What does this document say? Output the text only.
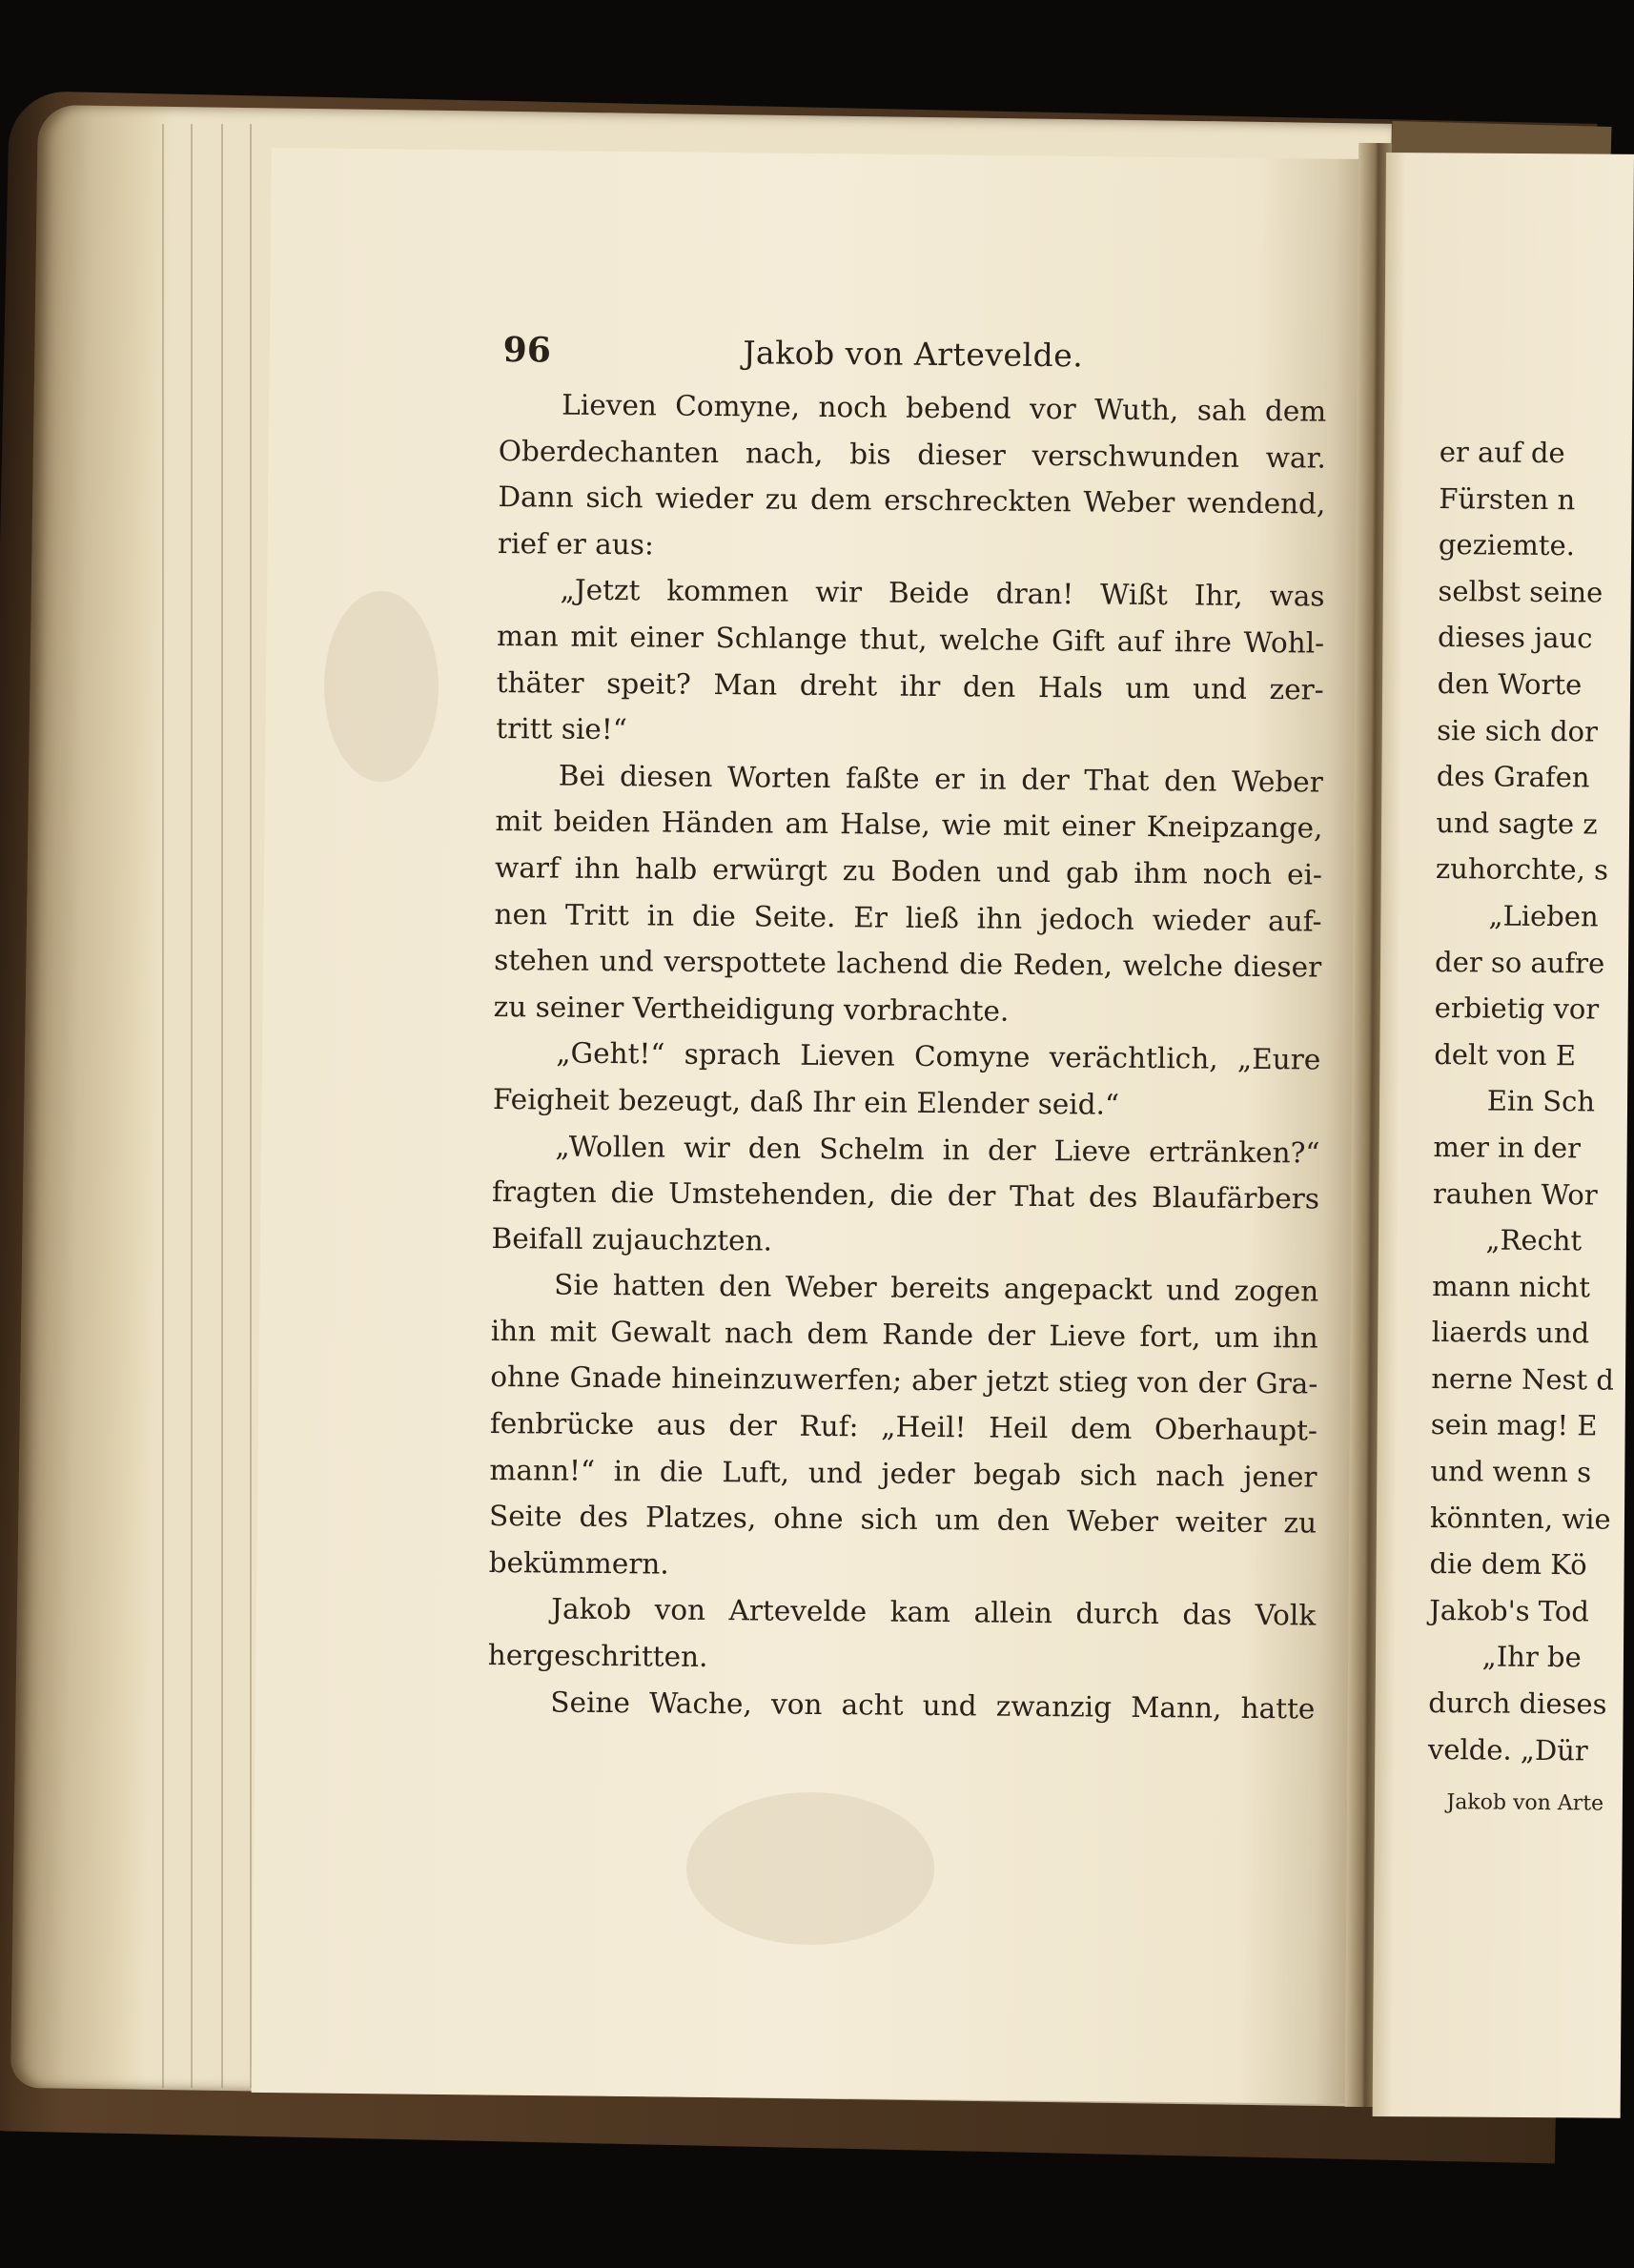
96	Jakob von Artevelde.
Lieven Comyne, noch bebend vor Wuth, sah dem
Oberdechanten nach, bis dieser verschwunden war.
Dann sich wieder zu dem erschreckten Weber wendend,
rief er aus:
„Jetzt kommen wir Beide dran! Wißt Ihr, was
man mit einer Schlange thut, welche Gift auf ihre Wohl-
thäter speit? Man dreht ihr den Hals um und zer-
tritt sie!“
Bei diesen Worten faßte er in der That den Weber
mit beiden Händen am Halse, wie mit einer Kneipzange,
warf ihn halb erwürgt zu Boden und gab ihm noch ei-
nen Tritt in die Seite. Er ließ ihn jedoch wieder auf-
stehen und verspottete lachend die Reden, welche dieser
zu seiner Vertheidigung vorbrachte.
„Geht!“ sprach Lieven Comyne verächtlich, „Eure
Feigheit bezeugt, daß Ihr ein Elender seid.“
„Wollen wir den Schelm in der Lieve ertränken?“
fragten die Umstehenden, die der That des Blaufärbers
Beifall zujauchzten.
Sie hatten den Weber bereits angepackt und zogen
ihn mit Gewalt nach dem Rande der Lieve fort, um ihn
ohne Gnade hineinzuwerfen; aber jetzt stieg von der Gra-
fenbrücke aus der Ruf: „Heil! Heil dem Oberhaupt-
mann!“ in die Luft, und jeder begab sich nach jener
Seite des Platzes, ohne sich um den Weber weiter zu
bekümmern.
Jakob von Artevelde kam allein durch das Volk
hergeschritten.
Seine Wache, von acht und zwanzig Mann, hatte
er auf de
Fürsten n
geziemte.
selbst seine
dieses jauc
den Worte
sie sich dor
des Grafen
und sagte z
zuhorchte, s
„Lieben
der so aufre
erbietig vor
delt von E
Ein Sch
mer in der
rauhen Wor
„Recht
mann nicht
liaerds und
nerne Nest d
sein mag! E
und wenn s
könnten, wie
die dem Kö
Jakob's Tod
„Ihr be
durch dieses
velde. „Dür
Jakob von Arte
